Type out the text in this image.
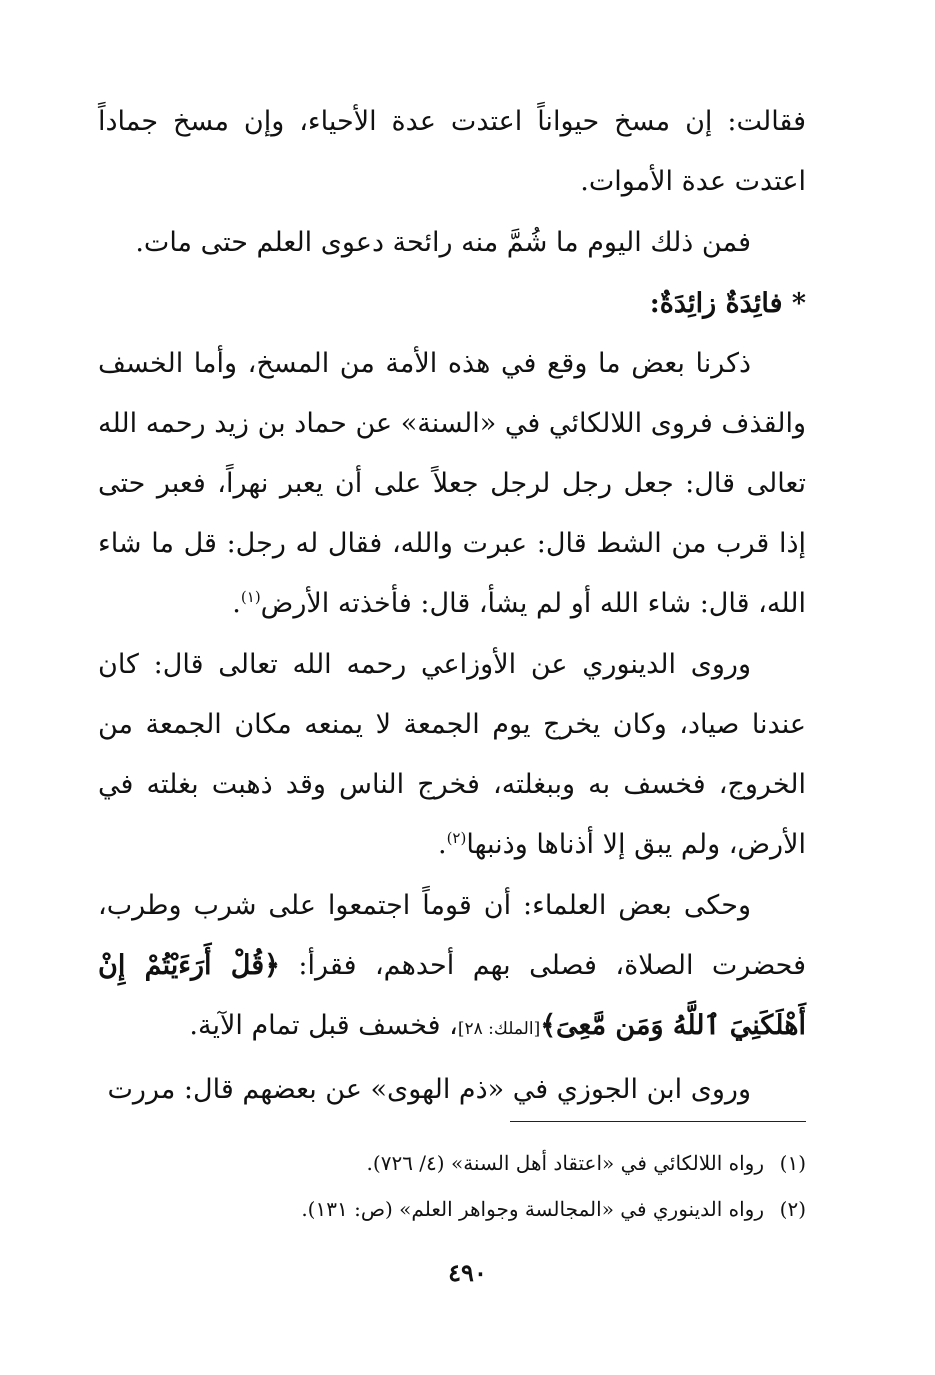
فقالت: إن مسخ حيواناً اعتدت عدة الأحياء، وإن مسخ جماداً اعتدت عدة الأموات.

فمن ذلك اليوم ما شُمَّ منه رائحة دعوى العلم حتى مات.

* فائِدَةٌ زائِدَةٌ:

ذكرنا بعض ما وقع في هذه الأمة من المسخ، وأما الخسف والقذف فروى اللالكائي في «السنة» عن حماد بن زيد رحمه الله تعالى قال: جعل رجل لرجل جعلاً على أن يعبر نهراً، فعبر حتى إذا قرب من الشط قال: عبرت والله، فقال له رجل: قل ما شاء الله، قال: شاء الله أو لم يشأ، قال: فأخذته الأرض$^{(١)}$.

وروى الدينوري عن الأوزاعي رحمه الله تعالى قال: كان عندنا صياد، وكان يخرج يوم الجمعة لا يمنعه مكان الجمعة من الخروج، فخسف به وببغلته، فخرج الناس وقد ذهبت بغلته في الأرض، ولم يبق إلا أذناها وذنبها$^{(٢)}$.

وحكى بعض العلماء: أن قوماً اجتمعوا على شرب وطرب، فحضرت الصلاة، فصلى بهم أحدهم، فقرأ: ﴿قُلْ أَرَءَيْتُمْ إِنْ أَهْلَكَنِيَ ٱللَّهُ وَمَن مَّعِىَ﴾[الملك: ٢٨]، فخسف قبل تمام الآية.

وروى ابن الجوزي في «ذم الهوى» عن بعضهم قال: مررت

(١)
رواه اللالكائي في «اعتقاد أهل السنة» (٤/ ٧٢٦).

(٢)
رواه الدينوري في «المجالسة وجواهر العلم» (ص: ١٣١).

٤٩٠
